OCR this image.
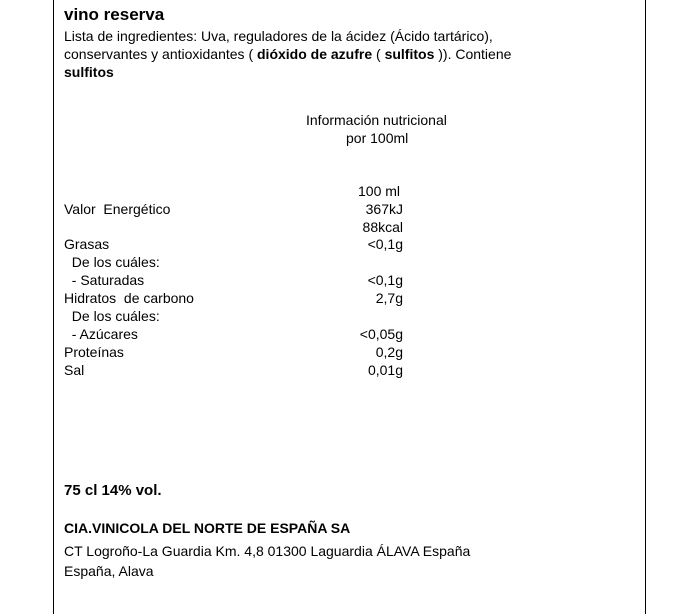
vino reserva
Lista de ingredientes: Uva, reguladores de la ácidez (Ácido tartárico),
conservantes y antioxidantes ( dióxido de azufre ( sulfitos )). Contiene
sulfitos
Información nutricional
por 100ml
100 ml
Valor  Energético	367kJ
88kcal
Grasas	<0,1g
De los cuáles:
- Saturadas	<0,1g
Hidratos  de carbono	2,7g
De los cuáles:
- Azúcares	<0,05g
Proteínas	0,2g
Sal	0,01g
75 cl 14% vol.
CIA.VINICOLA DEL NORTE DE ESPAÑA SA
CT Logroño-La Guardia Km. 4,8 01300 Laguardia ÁLAVA España
España, Alava
